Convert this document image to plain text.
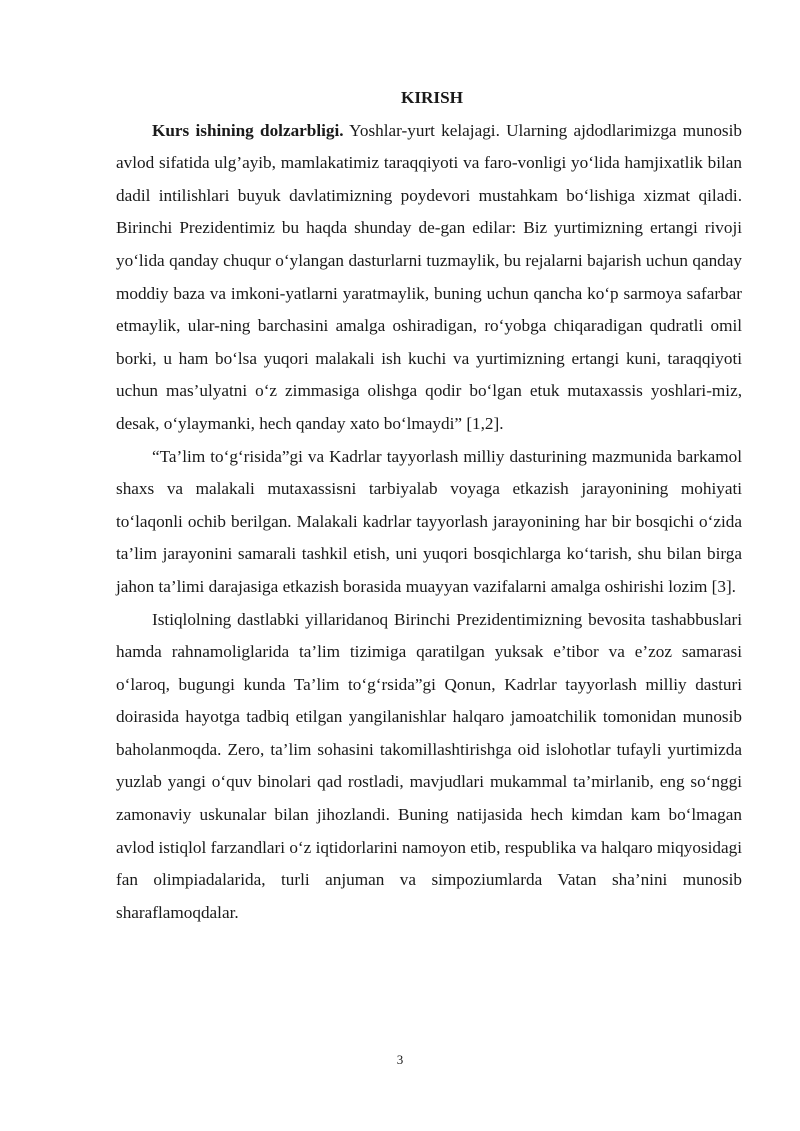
KIRISH

Kurs ishining dolzarbligi. Yoshlar-yurt kelajagi. Ularning ajdodlarimizga munosib avlod sifatida ulg’ayib, mamlakatimiz taraqqiyoti va faro-vonligi yo‘lida hamjixatlik bilan dadil intilishlari buyuk davlatimizning poydevori mustahkam bo‘lishiga xizmat qiladi. Birinchi Prezidentimiz bu haqda shunday de-gan edilar: Biz yurtimizning ertangi rivoji yo‘lida qanday chuqur o‘ylangan dasturlarni tuzmaylik, bu rejalarni bajarish uchun qanday moddiy baza va imkoni-yatlarni yaratmaylik, buning uchun qancha ko‘p sarmoya safarbar etmaylik, ular-ning barchasini amalga oshiradigan, ro‘yobga chiqaradigan qudratli omil borki, u ham bo‘lsa yuqori malakali ish kuchi va yurtimizning ertangi kuni, taraqqiyoti uchun mas’ulyatni o‘z zimmasiga olishga qodir bo‘lgan etuk mutaxassis yoshlari-miz, desak, o‘ylaymanki, hech qanday xato bo‘lmaydi” [1,2].

“Ta’lim to‘g‘risida”gi va Kadrlar tayyorlash milliy dasturining mazmunida barkamol shaxs va malakali mutaxassisni tarbiyalab voyaga etkazish jarayonining mohiyati to‘laqonli ochib berilgan. Malakali kadrlar tayyorlash jarayonining har bir bosqichi o‘zida ta’lim jarayonini samarali tashkil etish, uni yuqori bosqichlarga ko‘tarish, shu bilan birga jahon ta’limi darajasiga etkazish borasida muayyan vazifalarni amalga oshirishi lozim [3].

Istiqlolning dastlabki yillaridanoq Birinchi Prezidentimizning bevosita tashabbuslari hamda rahnamoliglarida ta’lim tizimiga qaratilgan yuksak e’tibor va e’zoz samarasi o‘laroq, bugungi kunda Ta’lim to‘g‘rsida”gi Qonun, Kadrlar tayyorlash milliy dasturi doirasida hayotga tadbiq etilgan yangilanishlar halqaro jamoatchilik tomonidan munosib baholanmoqda. Zero, ta’lim sohasini takomillashtirishga oid islohotlar tufayli yurtimizda yuzlab yangi o‘quv binolari qad rostladi, mavjudlari mukammal ta’mirlanib, eng so‘nggi zamonaviy uskunalar bilan jihozlandi. Buning natijasida hech kimdan kam bo‘lmagan avlod istiqlol farzandlari o‘z iqtidorlarini namoyon etib, respublika va halqaro miqyosidagi fan olimpiadalarida, turli anjuman va simpoziumlarda Vatan sha’nini munosib sharaflamoqdalar.

3
